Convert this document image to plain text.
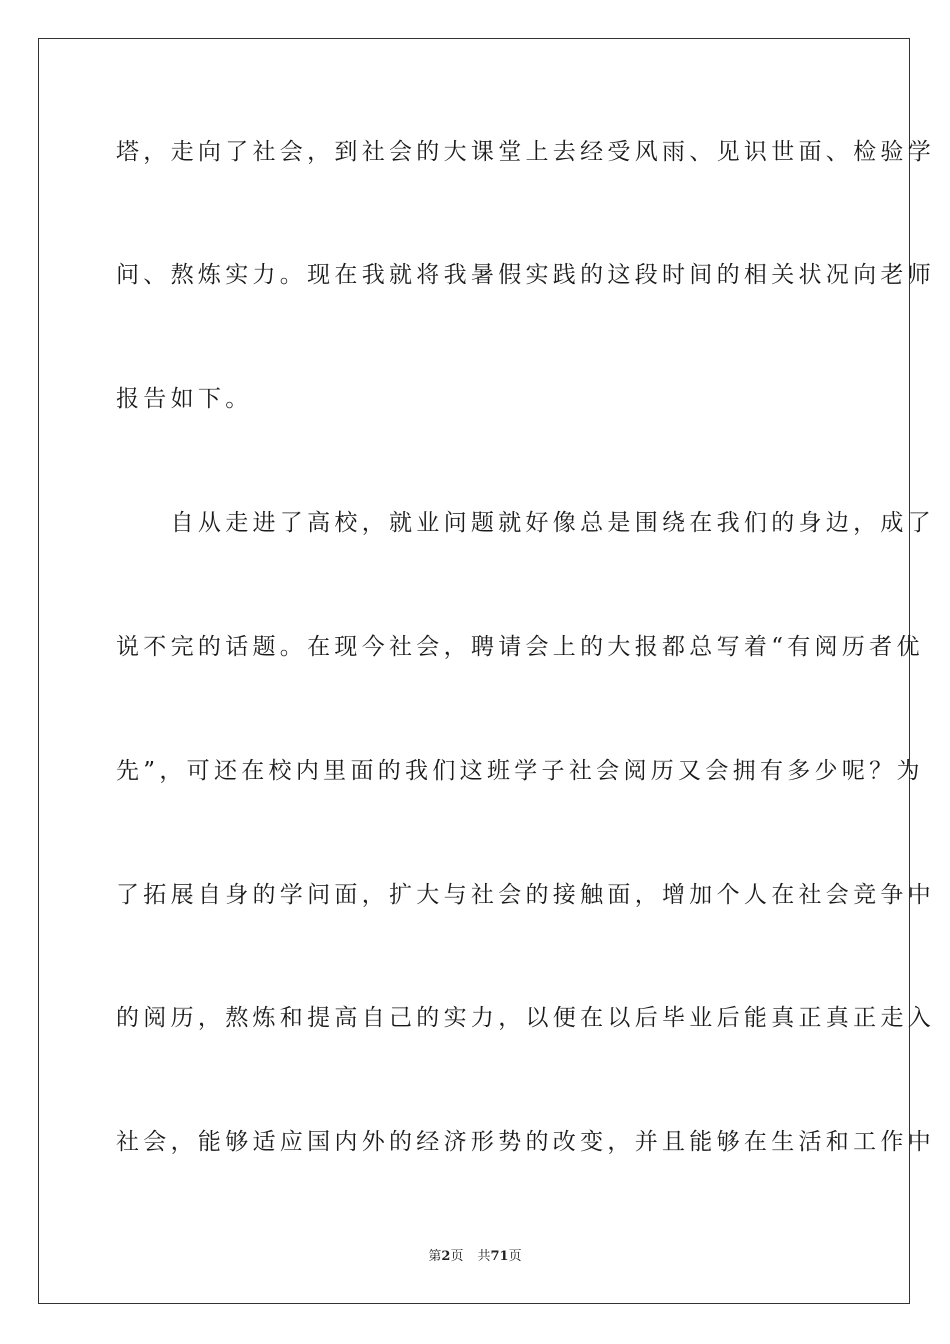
塔，走向了社会，到社会的大课堂上去经受风雨、见识世面、检验学
问、熬炼实力。现在我就将我暑假实践的这段时间的相关状况向老师
报告如下。
　　自从走进了高校，就业问题就好像总是围绕在我们的身边，成了
说不完的话题。在现今社会，聘请会上的大报都总写着“有阅历者优
先”，可还在校内里面的我们这班学子社会阅历又会拥有多少呢？为
了拓展自身的学问面，扩大与社会的接触面，增加个人在社会竞争中
的阅历，熬炼和提高自己的实力，以便在以后毕业后能真正真正走入
社会，能够适应国内外的经济形势的改变，并且能够在生活和工作中
第2页 共71页
